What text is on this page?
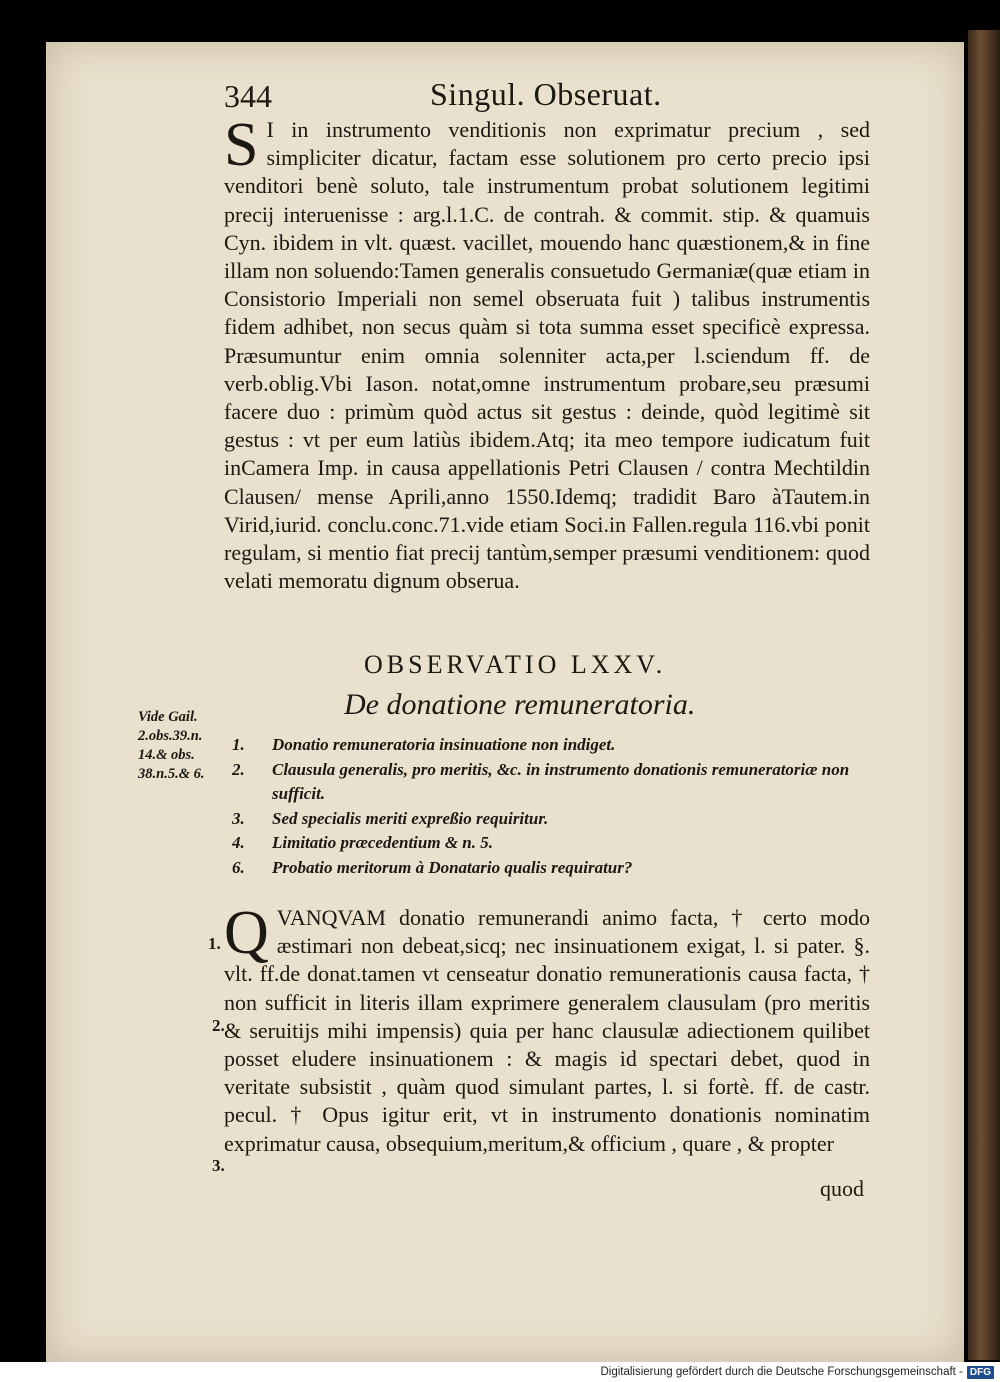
344	Singul. Obseruat.
S I in instrumento venditionis non exprimatur precium , sed simpliciter dicatur, factam esse solutionem pro certo precio ipsi venditori benè soluto, tale instrumentum probat solutionem legitimi precij interuenisse : arg.l.1.C. de contrah. & commit. stip. & quamuis Cyn. ibidem in vlt. quæst. vacillet, mouendo hanc quæstionem,& in fine illam non soluendo:Tamen generalis consuetudo Germaniæ(quæ etiam in Consistorio Imperiali non semel obseruata fuit ) talibus instrumentis fidem adhibet, non secus quàm si tota summa esset specificè expressa. Præsumuntur enim omnia solenniter acta,per l.sciendum ff. de verb.oblig.Vbi Iason. notat,omne instrumentum probare,seu præsumi facere duo : primùm quòd actus sit gestus : deinde, quòd legitimè sit gestus : vt per eum latiùs ibidem.Atq; ita meo tempore iudicatum fuit inCamera Imp. in causa appellationis Petri Clausen / contra Mechtildin Clausen/ mense Aprili,anno 1550.Idemq; tradidit Baro àTautem.in Virid,iurid. conclu.conc.71.vide etiam Soci.in Fallen.regula 116.vbi ponit regulam, si mentio fiat precij tantùm,semper præsumi venditionem: quod velati memoratu dignum obserua.
OBSERVATIO LXXV.
De donatione remuneratoria.
Vide Gail. 2.obs.39.n. 14.& obs. 38.n.5.& 6.
1.	Donatio remuneratoria insinuatione non indiget.
2.	Clausula generalis, pro meritis, &c. in instrumento donationis remuneratoriæ non sufficit.
3.	Sed specialis meriti expreßio requiritur.
4.	Limitatio præcedentium & n. 5.
6.	Probatio meritorum à Donatario qualis requiratur?
1.
2.
3.
Q VANQVAM donatio remunerandi animo facta, † certo modo æstimari non debeat,sicq; nec insinuationem exigat, l. si pater. §. vlt. ff.de donat.tamen vt censeatur donatio remunerationis causa facta, † non sufficit in literis illam exprimere generalem clausulam (pro meritis & seruitijs mihi impensis) quia per hanc clausulæ adiectionem quilibet posset eludere insinuationem : & magis id spectari debet, quod in veritate subsistit , quàm quod simulant partes, l. si fortè. ff. de castr. pecul. † Opus igitur erit, vt in instrumento donationis nominatim exprimatur causa, obsequium,meritum,& officium , quare , & propter
quod
Digitalisierung gefördert durch die Deutsche Forschungsgemeinschaft - DFG
